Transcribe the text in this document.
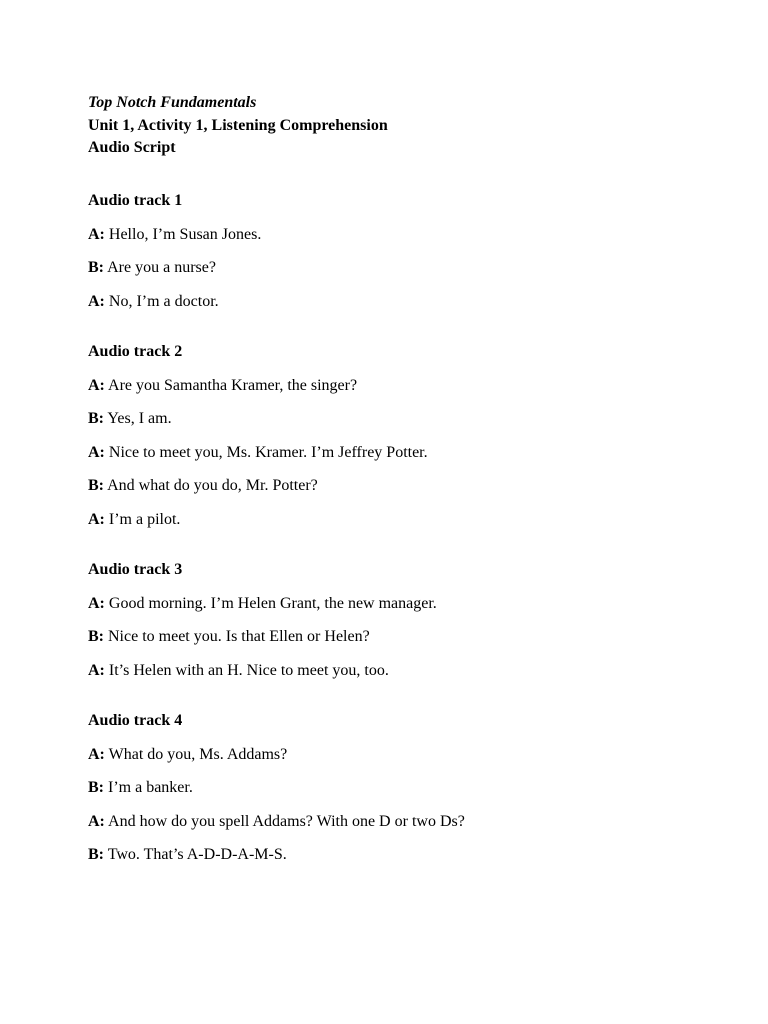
Top Notch Fundamentals
Unit 1, Activity 1, Listening Comprehension
Audio Script
Audio track 1
A: Hello, I’m Susan Jones.
B: Are you a nurse?
A: No, I’m a doctor.
Audio track 2
A: Are you Samantha Kramer, the singer?
B: Yes, I am.
A: Nice to meet you, Ms. Kramer. I’m Jeffrey Potter.
B: And what do you do, Mr. Potter?
A: I’m a pilot.
Audio track 3
A: Good morning. I’m Helen Grant, the new manager.
B: Nice to meet you. Is that Ellen or Helen?
A: It’s Helen with an H. Nice to meet you, too.
Audio track 4
A: What do you, Ms. Addams?
B: I’m a banker.
A: And how do you spell Addams? With one D or two Ds?
B: Two. That’s A-D-D-A-M-S.
